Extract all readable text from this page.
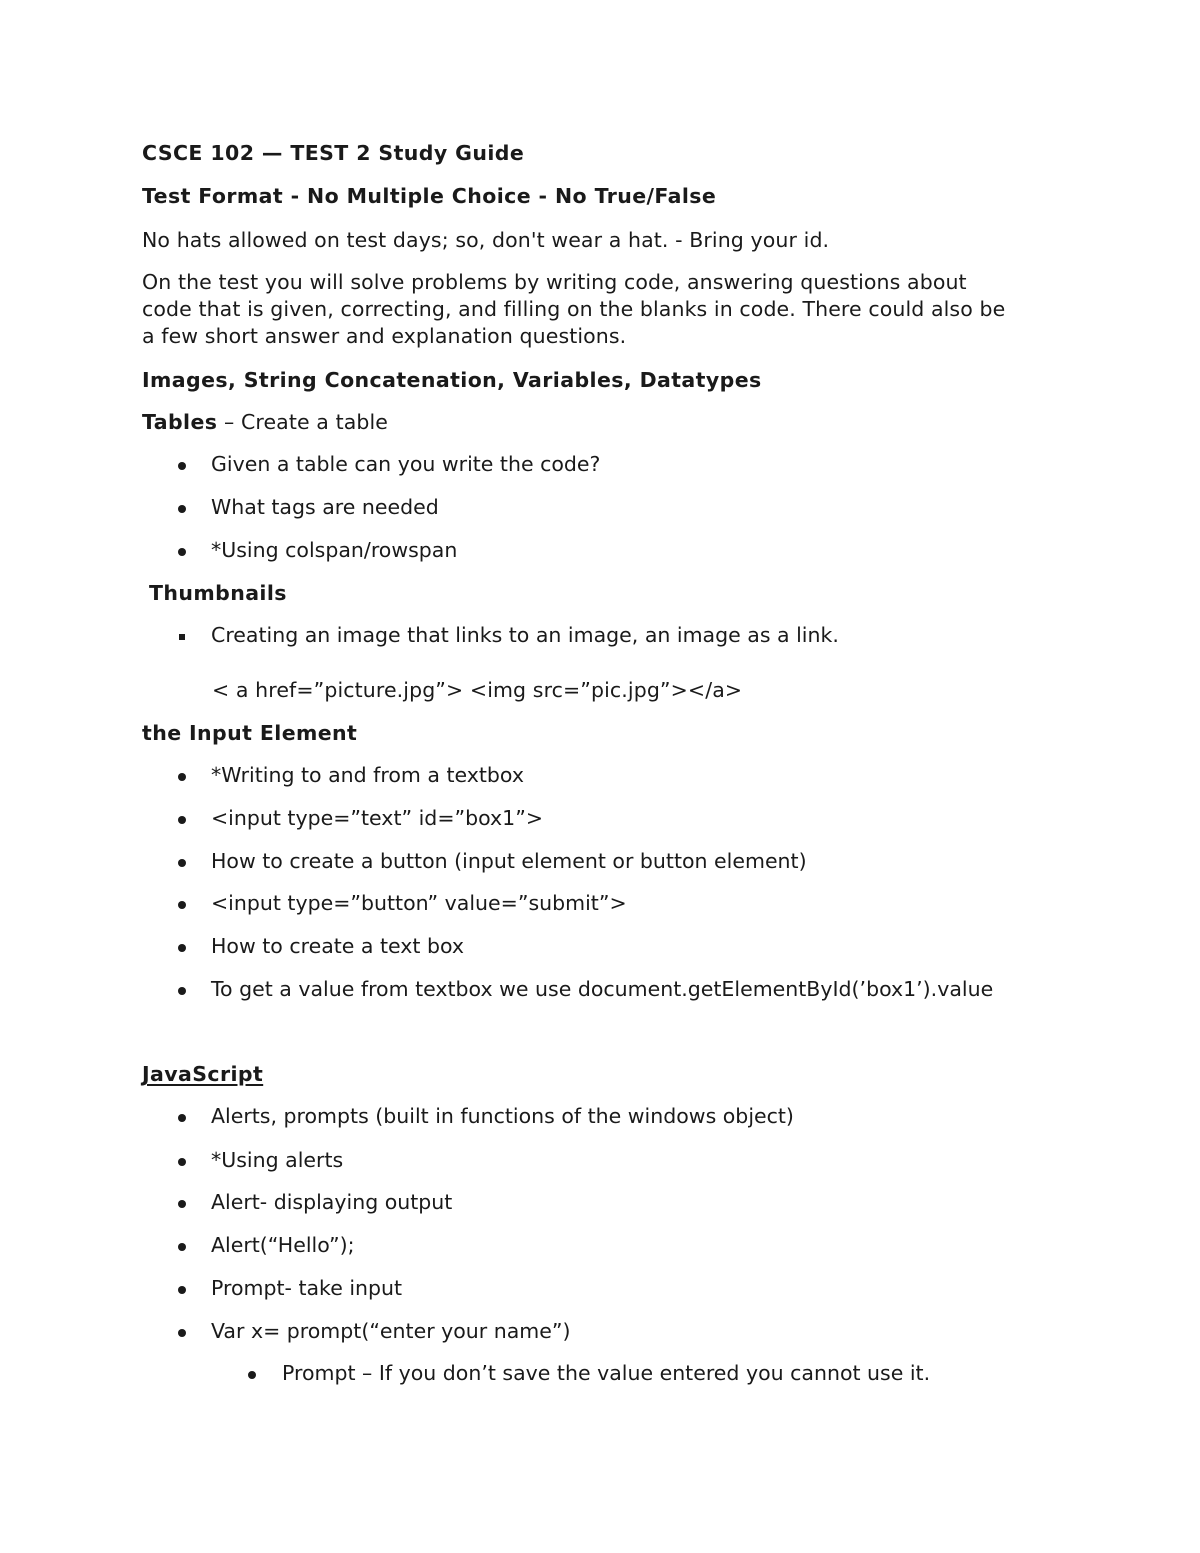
CSCE 102 — TEST 2 Study Guide
Test Format - No Multiple Choice - No True/False
No hats allowed on test days; so, don't wear a hat. - Bring your id.
On the test you will solve problems by writing code, answering questions about
code that is given, correcting, and filling on the blanks in code. There could also be
a few short answer and explanation questions.
Images, String Concatenation, Variables, Datatypes
Tables – Create a table
Given a table can you write the code?
What tags are needed
*Using colspan/rowspan
Thumbnails
Creating an image that links to an image, an image as a link.
< a href=”picture.jpg”> <img src=”pic.jpg”></a>
the Input Element
*Writing to and from a textbox
<input type=”text” id=”box1”>
How to create a button (input element or button element)
<input type=”button” value=”submit”>
How to create a text box
To get a value from textbox we use document.getElementById(’box1’).value
JavaScript
Alerts, prompts (built in functions of the windows object)
*Using alerts
Alert- displaying output
Alert(“Hello”);
Prompt- take input
Var x= prompt(“enter your name”)
Prompt – If you don’t save the value entered you cannot use it.
